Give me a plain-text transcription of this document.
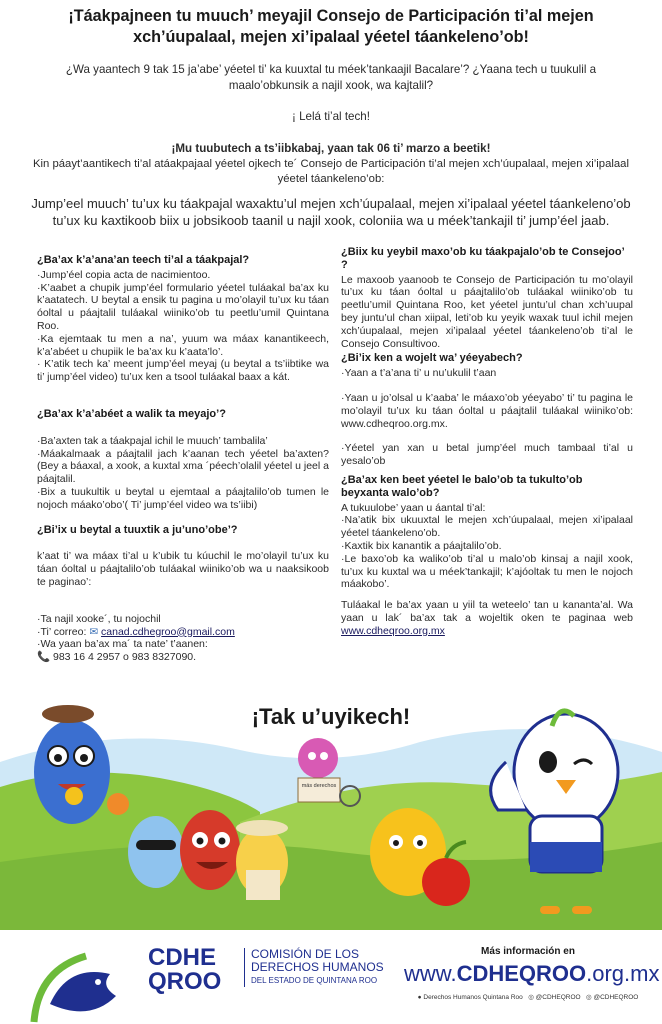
¡Táakpajneen tu muuch’ meyajil Consejo de Participación ti’al mejen
xch’úupalaal, mejen xi’ipalaal yéetel táankeleno’ob!
¿Wa yaantech 9 tak 15 ja’abe’ yéetel ti’ ka kuuxtal tu méek’tankaajil Bacalare’? ¿Yaana tech u tuukulil a maalo’obkunsik a najil xook, wa kajtalil?
¡ Lelá ti’al tech!
¡Mu tuubutech a ts’iibkabaj, yaan tak 06 ti’ marzo a beetik!
Kin páayt’aantikech ti’al atáakpajaal yéetel ojkech te´ Consejo de Participación ti’al mejen xch’úupalaal, mejen xi’ipalaal yéetel táankeleno’ob:
Jump’eel muuch’ tu’ux ku táakpajal waxaktu’ul mejen xch’úupalaal, mejen xi’ipalaal yéetel táankeleno’ob tu’ux ku kaxtikoob biix u jobsikoob taanil u najil xook, coloniia wa u méek’tankajil ti’ jump’éel jaab.
¿Ba’ax k’a’ana’an teech ti’al a táakpajal?

·Jump’éel copia acta de nacimientoo.

·K’aabet a chupik jump’éel formulario yéetel tuláakal ba’ax ku k’aatatech. U beytal a ensik tu pagina u mo’olayil tu’ux ku táan óoltal u páajtalil tuláakal wiiniko’ob tu peetlu’umil Quintana Roo.

·Ka ejemtaak tu men a na’, yuum wa máax kanantikeech, k’a’abéet u chupiik le ba’ax ku k’aata’lo’.

· K’atik tech ka’ meent jump’éel meyaj (u beytal a ts’iibtike wa ti’ jump’éel video) tu’ux ken a tsool tuláakal baax a kát.

¿Ba’ax k’a’abéet a walik ta meyajo’?

·Ba’axten tak a táakpajal ichil le muuch’ tambalila’

·Máakalmaak a páajtalil jach k’aanan tech yéetel ba’axten? (Bey a báaxal, a xook, a kuxtal xma ´péech’olalil yéetel u jeel a páajtalil.

·Bix a tuukultik u beytal u ejemtaal a páajtalilo’ob tumen le nojoch máako’obo’( Ti’ jump’éel video wa ts’iibi)

¿Bi’ix u beytal a tuuxtik a ju’uno’obe’?

k’aat ti’ wa máax ti’al u k’ubik tu kúuchil le mo’olayil tu’ux ku táan óoltal u páajtalilo’ob tuláakal wiiniko’ob wa u naaksikoob te paginao’:

·Ta najil xooke´, tu nojochil

·Ti’ correo: ✉ canad.cdhegroo@gmail.com

·Wa yaan ba’ax ma´ ta nate’ t’aanen:

📞 983 16 4 2957 o 983 8327090.

¿Biix ku yeybil maxo’ob ku táakpajalo’ob te Consejoo’ ?

Le maxoob yaanoob te Consejo de Participación tu mo’olayil tu’ux ku táan óoltal u páajtalilo’ob tuláakal wiiniko’ob tu peetlu’umil Quintana Roo, ket yéetel juntu’ul chan xch’uupal bey juntu’ul chan xiipal, leti’ob ku yeyik waxak tuul ichil mejen xch’úupalaal, mejen xi’ipalaal yéetel táankeleno’ob ti’al le Consejo Consultivoo.

¿Bi’ix ken a wojelt wa’ yéeyabech?

·Yaan a t’a’ana ti’ u nu’ukulil t’aan

·Yaan u jo’olsal u k’aaba’ le máaxo’ob yéeyabo’ ti’ tu pagina le mo’olayil tu’ux ku táan óoltal u páajtalil tuláakal wiiniko’ob: www.cdheqroo.org.mx.

·Yéetel yan xan u betal jump’éel much tambaal ti’al u yesalo’ob

¿Ba’ax ken beet yéetel le balo’ob ta tukulto’ob beyxanta walo’ob?

A tukuulobe’ yaan u áantal ti’al:

·Na’atik bix ukuuxtal le mejen xch’úupalaal, mejen xi’ipalaal yéetel táankeleno’ob.

·Kaxtik bix kanantik a páajtalilo’ob.

·Le baxo’ob ka waliko’ob ti’al u malo’ob kinsaj a najil xook, tu’ux ku kuxtal wa u méek’tankajil; k’ajóoltak tu men le nojoch máakobo’.

Tuláakal le ba’ax yaan u yiil ta weteelo’ tan u kananta’al. Wa yaan u lak´ ba’ax tak a wojeltik oken te paginaa web www.cdheqroo.org.mx

más derechos
¡Tak u’uyikech!
CDHE
QROO
COMISIÓN DE LOS
DERECHOS HUMANOS
DEL ESTADO DE QUINTANA ROO
Más información en
www.CDHEQROO.org.mx
● Derechos Humanos Quintana Roo ◎ @CDHEQROO ◎ @CDHEQROO
